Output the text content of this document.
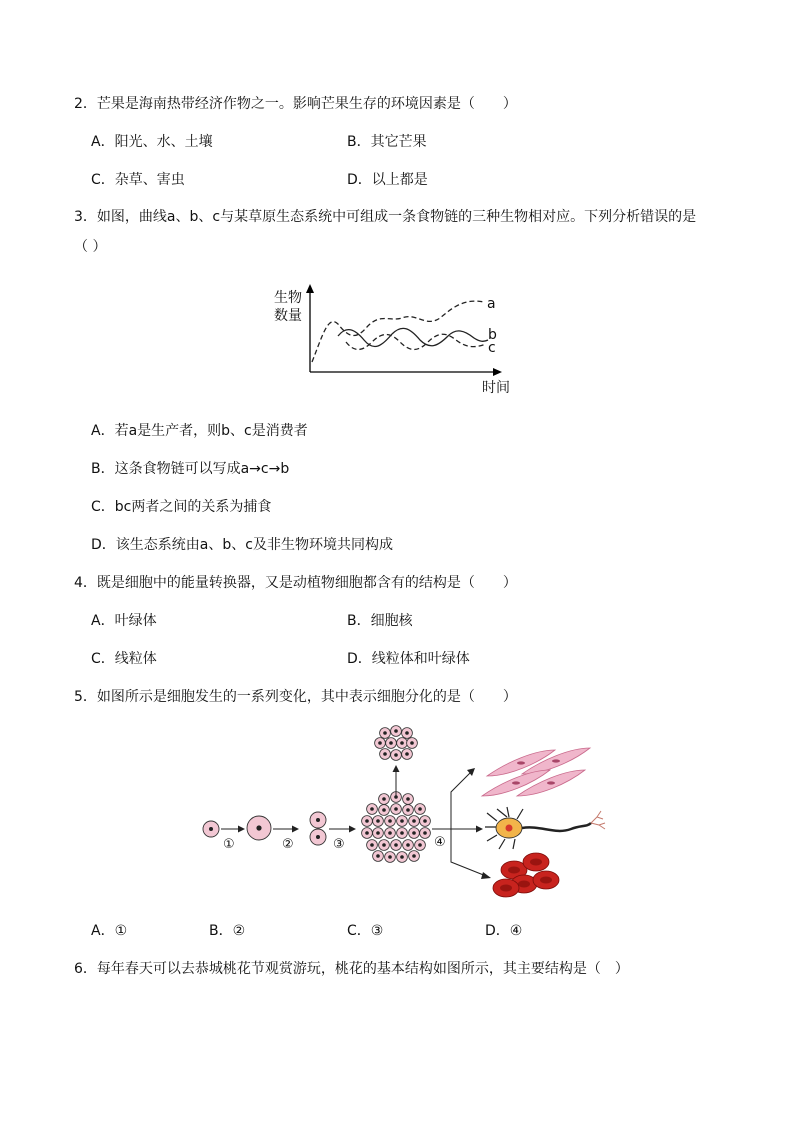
2．芒果是海南热带经济作物之一。影响芒果生存的环境因素是（　　）
A．阳光、水、土壤	B．其它芒果
C．杂草、害虫	D．以上都是
3．如图，曲线a、b、c与某草原生态系统中可组成一条食物链的三种生物相对应。下列分析错误的是
（ ）
生物
数量
时间
a
b
c
A．若a是生产者，则b、c是消费者
B．这条食物链可以写成a→c→b
C．bc两者之间的关系为捕食
D．该生态系统由a、b、c及非生物环境共同构成
4．既是细胞中的能量转换器，又是动植物细胞都含有的结构是（　　）
A．叶绿体	B．细胞核
C．线粒体	D．线粒体和叶绿体
5．如图所示是细胞发生的一系列变化，其中表示细胞分化的是（　　）
①	②	③	④
A．①	B．②	C．③	D．④
6．每年春天可以去恭城桃花节观赏游玩，桃花的基本结构如图所示，其主要结构是（　）
